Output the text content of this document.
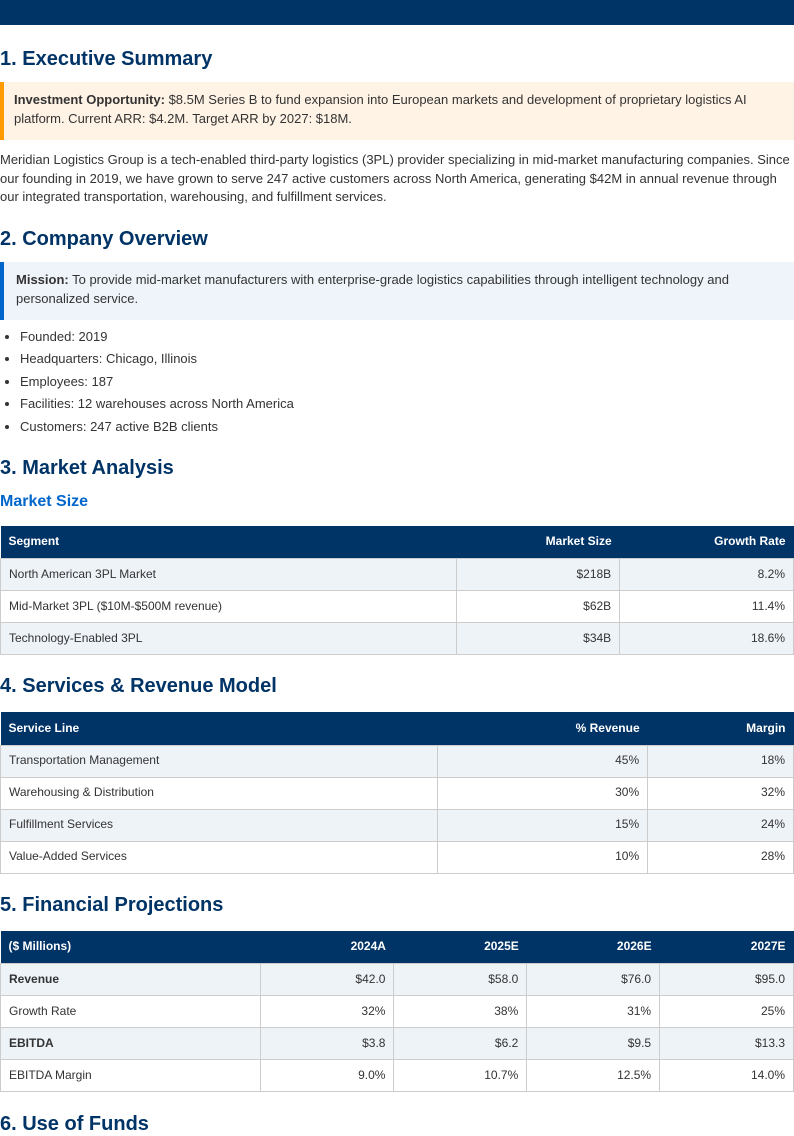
1. Executive Summary
Investment Opportunity: $8.5M Series B to fund expansion into European markets and development of proprietary logistics AI platform. Current ARR: $4.2M. Target ARR by 2027: $18M.

Meridian Logistics Group is a tech-enabled third-party logistics (3PL) provider specializing in mid-market manufacturing companies. Since our founding in 2019, we have grown to serve 247 active customers across North America, generating $42M in annual revenue through our integrated transportation, warehousing, and fulfillment services.

2. Company Overview
Mission: To provide mid-market manufacturers with enterprise-grade logistics capabilities through intelligent technology and personalized service.
• Founded: 2019
• Headquarters: Chicago, Illinois
• Employees: 187
• Facilities: 12 warehouses across North America
• Customers: 247 active B2B clients
3. Market Analysis
Market Size
Segment	Market Size	Growth Rate
North American 3PL Market	$218B	8.2%
Mid-Market 3PL ($10M-$500M revenue)	$62B	11.4%
Technology-Enabled 3PL	$34B	18.6%
4. Services & Revenue Model
Service Line	% Revenue	Margin
Transportation Management	45%	18%
Warehousing & Distribution	30%	32%
Fulfillment Services	15%	24%
Value-Added Services	10%	28%
5. Financial Projections
($ Millions)	2024A	2025E	2026E	2027E
Revenue	$42.0	$58.0	$76.0	$95.0
Growth Rate	32%	38%	31%	25%
EBITDA	$3.8	$6.2	$9.5	$13.3
EBITDA Margin	9.0%	10.7%	12.5%	14.0%
6. Use of Funds
